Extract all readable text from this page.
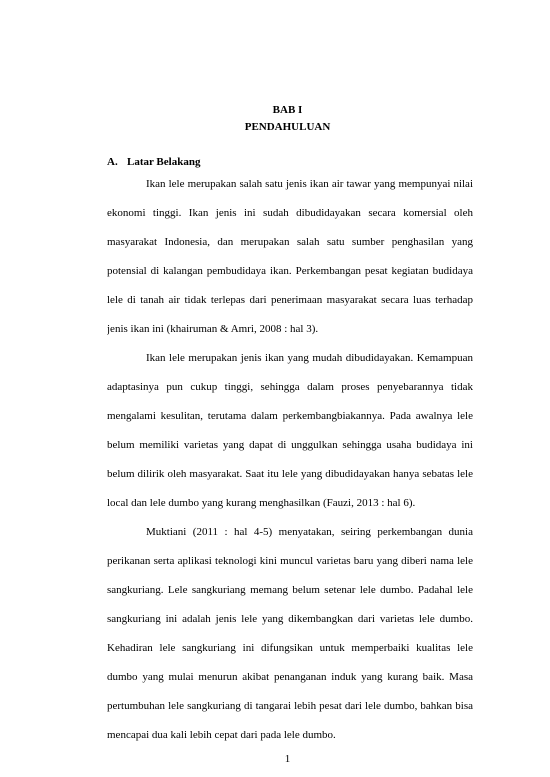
BAB I
PENDAHULUAN
A. Latar Belakang
Ikan lele merupakan salah satu jenis ikan air tawar yang mempunyai nilai
ekonomi tinggi. Ikan jenis ini sudah dibudidayakan secara komersial oleh
masyarakat Indonesia, dan merupakan salah satu sumber penghasilan yang
potensial di kalangan pembudidaya ikan. Perkembangan pesat kegiatan budidaya
lele di tanah air tidak terlepas dari penerimaan masyarakat secara luas terhadap
jenis ikan ini (khairuman & Amri, 2008 : hal 3).
Ikan lele merupakan jenis ikan yang mudah dibudidayakan. Kemampuan
adaptasinya pun cukup tinggi, sehingga dalam proses penyebarannya tidak
mengalami kesulitan, terutama dalam perkembangbiakannya. Pada awalnya lele
belum memiliki varietas yang dapat di unggulkan sehingga usaha budidaya ini
belum dilirik oleh masyarakat. Saat itu lele yang dibudidayakan hanya sebatas lele
local dan lele dumbo yang kurang menghasilkan (Fauzi, 2013 : hal 6).
Muktiani (2011 : hal 4-5) menyatakan, seiring perkembangan dunia
perikanan serta aplikasi teknologi kini muncul varietas baru yang diberi nama lele
sangkuriang. Lele sangkuriang memang belum setenar lele dumbo. Padahal lele
sangkuriang ini adalah jenis lele yang dikembangkan dari varietas lele dumbo.
Kehadiran lele sangkuriang ini difungsikan untuk memperbaiki kualitas lele
dumbo yang mulai menurun akibat penanganan induk yang kurang baik. Masa
pertumbuhan lele sangkuriang di tangarai lebih pesat dari lele dumbo, bahkan bisa
mencapai dua kali lebih cepat dari pada lele dumbo.
1
